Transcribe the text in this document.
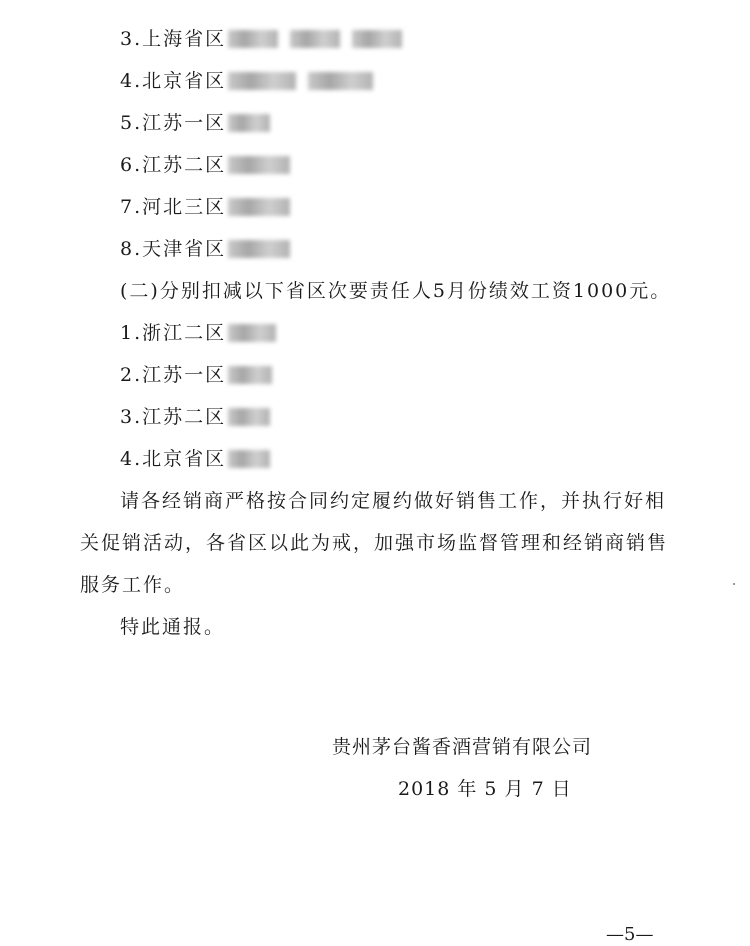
3.上海省区
4.北京省区
5.江苏一区
6.江苏二区
7.河北三区
8.天津省区
(二)分别扣减以下省区次要责任人5月份绩效工资1000元。
1.浙江二区
2.江苏一区
3.江苏二区
4.北京省区
请各经销商严格按合同约定履约做好销售工作，并执行好相
关促销活动，各省区以此为戒，加强市场监督管理和经销商销售
服务工作。
特此通报。
贵州茅台酱香酒营销有限公司
2018 年 5 月 7 日
—5—
